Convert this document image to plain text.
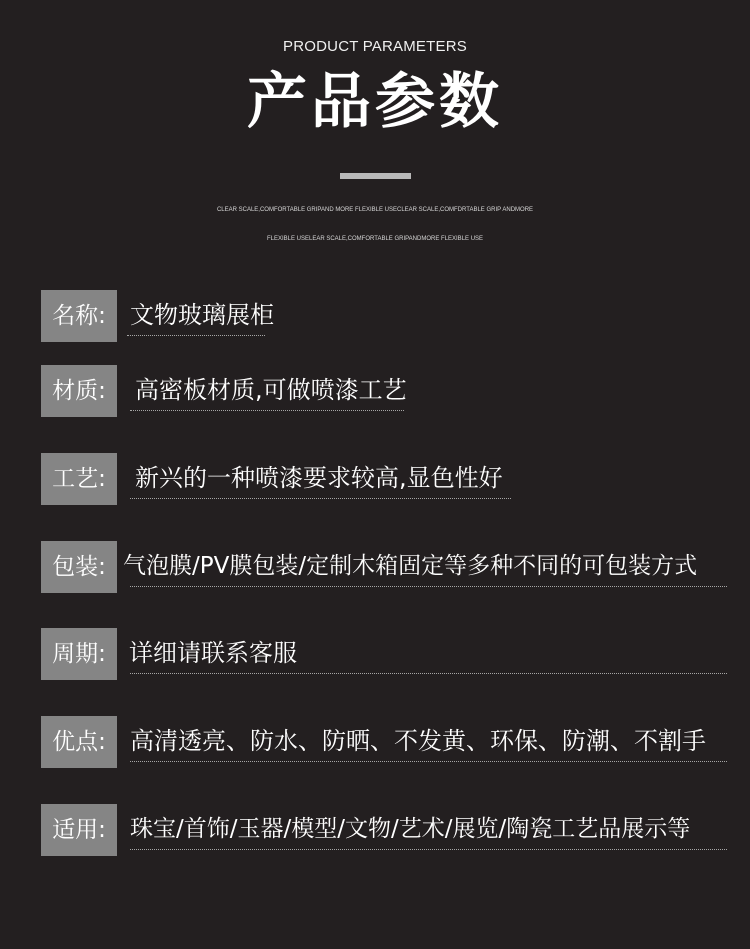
PRODUCT PARAMETERS
产品参数
CLEAR SCALE,COMFORTABLE GRIPAND MORE FLEXIBLE USECLEAR SCALE,COMFDRTABLE GRIP ANDMORE
FLEXIBLE USELEAR SCALE,COMFORTABLE GRIPANDMORE FLEXIBLE USE
名称:	文物玻璃展柜
材质:	高密板材质,可做喷漆工艺
工艺:	新兴的一种喷漆要求较高,显色性好
包装: 气泡膜/PV膜包装/定制木箱固定等多种不同的可包装方式
周期: 详细请联系客服
优点:	高清透亮、防水、防晒、不发黄、环保、防潮、不割手
适用:	珠宝/首饰/玉器/模型/文物/艺术/展览/陶瓷工艺品展示等
